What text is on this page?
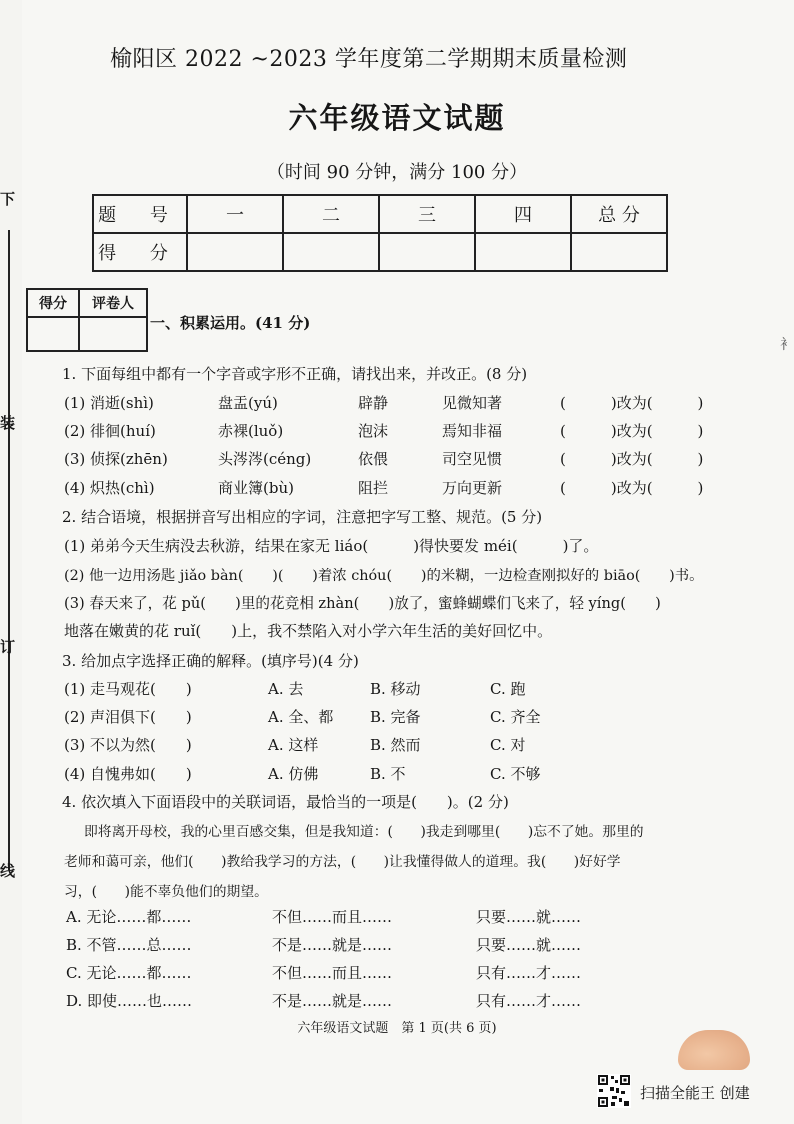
下
装
订
线
衤
榆阳区 2022 ~2023 学年度第二学期期末质量检测
六年级语文试题
（时间 90 分钟，满分 100 分）
题 号	一	二	三	四	总 分
得 分					
得分	评卷人

一、积累运用。(41 分)
1. 下面每组中都有一个字音或字形不正确，请找出来，并改正。(8 分)
(1) 消逝(shì)	盘盂(yú)	辟静	见微知著	(　　　)改为(　　　)
(2) 徘徊(huí)	赤裸(luǒ)	泡沫	焉知非福	(　　　)改为(　　　)
(3) 侦探(zhēn)	头涔涔(céng)	依偎	司空见惯	(　　　)改为(　　　)
(4) 炽热(chì)	商业簿(bù)	阻拦	万向更新	(　　　)改为(　　　)
2. 结合语境，根据拼音写出相应的字词，注意把字写工整、规范。(5 分)
(1) 弟弟今天生病没去秋游，结果在家无 liáo(　　　)得快要发 méi(　　　)了。
(2) 他一边用汤匙 jiǎo bàn(　　)(　　)着浓 chóu(　　)的米糊，一边检查刚拟好的 biāo(　　)书。
(3) 春天来了，花 pǔ(　　)里的花竞相 zhàn(　　)放了，蜜蜂蝴蝶们飞来了，轻 yíng(　　)
地落在嫩黄的花 ruǐ(　　)上，我不禁陷入对小学六年生活的美好回忆中。
3. 给加点字选择正确的解释。(填序号)(4 分)
(1) 走马观花(　　)	A. 去	B. 移动	C. 跑
(2) 声泪俱下(　　)	A. 全、都 B. 完备	C. 齐全
(3) 不以为然(　　)	A. 这样	B. 然而	C. 对
(4) 自愧弗如(　　)	A. 仿佛	B. 不	C. 不够
4. 依次填入下面语段中的关联词语，最恰当的一项是(　　)。(2 分)
即将离开母校，我的心里百感交集，但是我知道：(　　)我走到哪里(　　)忘不了她。那里的
老师和蔼可亲，他们(　　)教给我学习的方法，(　　)让我懂得做人的道理。我(　　)好好学
习，(　　)能不辜负他们的期望。
A. 无论……都……	不但……而且……	只要……就……
B. 不管……总……	不是……就是……	只要……就……
C. 无论……都……	不但……而且……	只有……才……
D. 即使……也……	不是……就是……	只有……才……
六年级语文试题　第 1 页(共 6 页)
扫描全能王 创建
